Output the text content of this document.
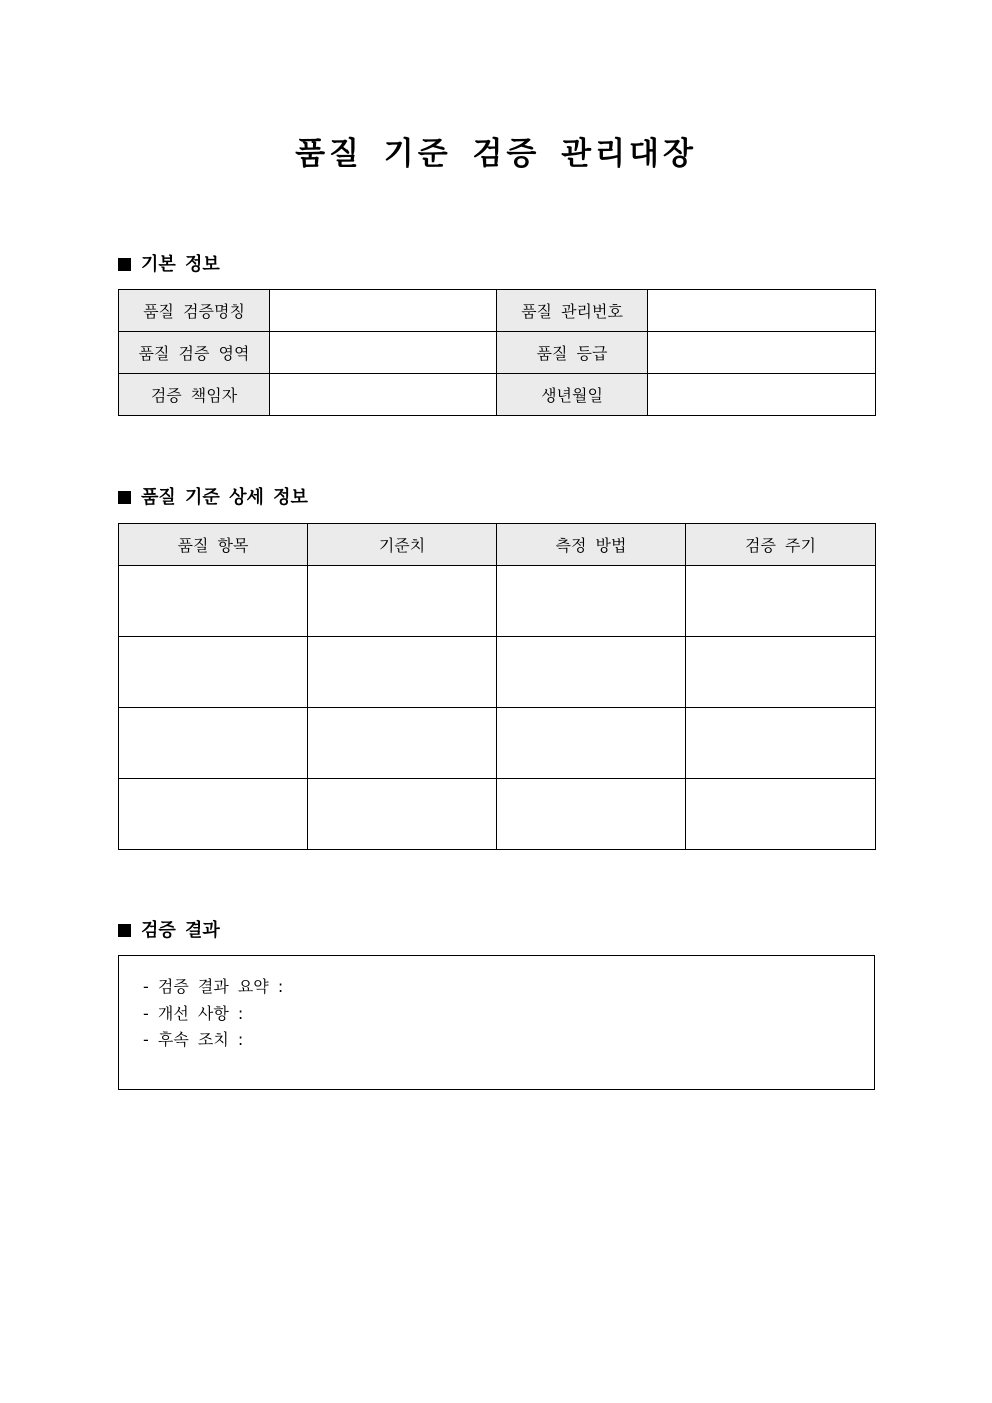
품질 기준 검증 관리대장
기본 정보
품질 검증명칭		품질 관리번호	
품질 검증 영역		품질 등급	
검증 책임자		생년월일	
품질 기준 상세 정보
품질 항목	기준치	측정 방법	검증 주기

검증 결과
- 검증 결과 요약 :
- 개선 사항 :
- 후속 조치 :
